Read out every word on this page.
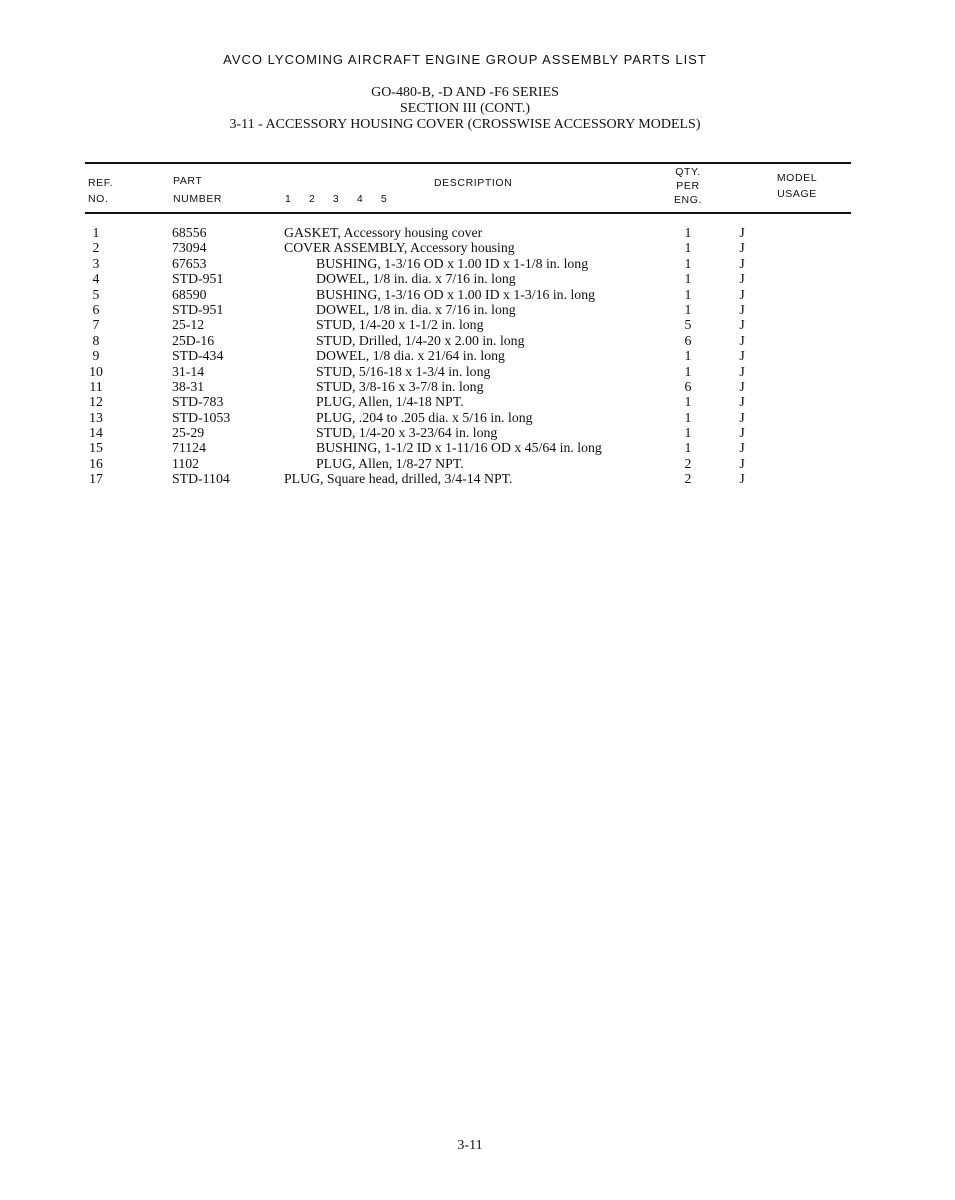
AVCO LYCOMING AIRCRAFT ENGINE GROUP ASSEMBLY PARTS LIST
GO-480-B, -D AND -F6 SERIES
SECTION III (CONT.)
3-11 - ACCESSORY HOUSING COVER (CROSSWISE ACCESSORY MODELS)
REF.
NO.
PART
NUMBER
DESCRIPTION
1 2 3 4 5
QTY.
PER
ENG.
MODEL
USAGE
1	68556	GASKET, Accessory housing cover	1	J
2	73094	COVER ASSEMBLY, Accessory housing	1	J
3	67653	BUSHING, 1-3/16 OD x 1.00 ID x 1-1/8 in. long	1	J
4	STD-951	DOWEL, 1/8 in. dia. x 7/16 in. long	1	J
5	68590	BUSHING, 1-3/16 OD x 1.00 ID x 1-3/16 in. long	1	J
6	STD-951	DOWEL, 1/8 in. dia. x 7/16 in. long	1	J
7	25-12	STUD, 1/4-20 x 1-1/2 in. long	5	J
8	25D-16	STUD, Drilled, 1/4-20 x 2.00 in. long	6	J
9	STD-434	DOWEL, 1/8 dia. x 21/64 in. long	1	J
10	31-14	STUD, 5/16-18 x 1-3/4 in. long	1	J
11	38-31	STUD, 3/8-16 x 3-7/8 in. long	6	J
12	STD-783	PLUG, Allen, 1/4-18 NPT.	1	J
13	STD-1053	PLUG, .204 to .205 dia. x 5/16 in. long	1	J
14	25-29	STUD, 1/4-20 x 3-23/64 in. long	1	J
15	71124	BUSHING, 1-1/2 ID x 1-11/16 OD x 45/64 in. long	1	J
16	1102	PLUG, Allen, 1/8-27 NPT.	2	J
17	STD-1104	PLUG, Square head, drilled, 3/4-14 NPT.	2	J
3-11
